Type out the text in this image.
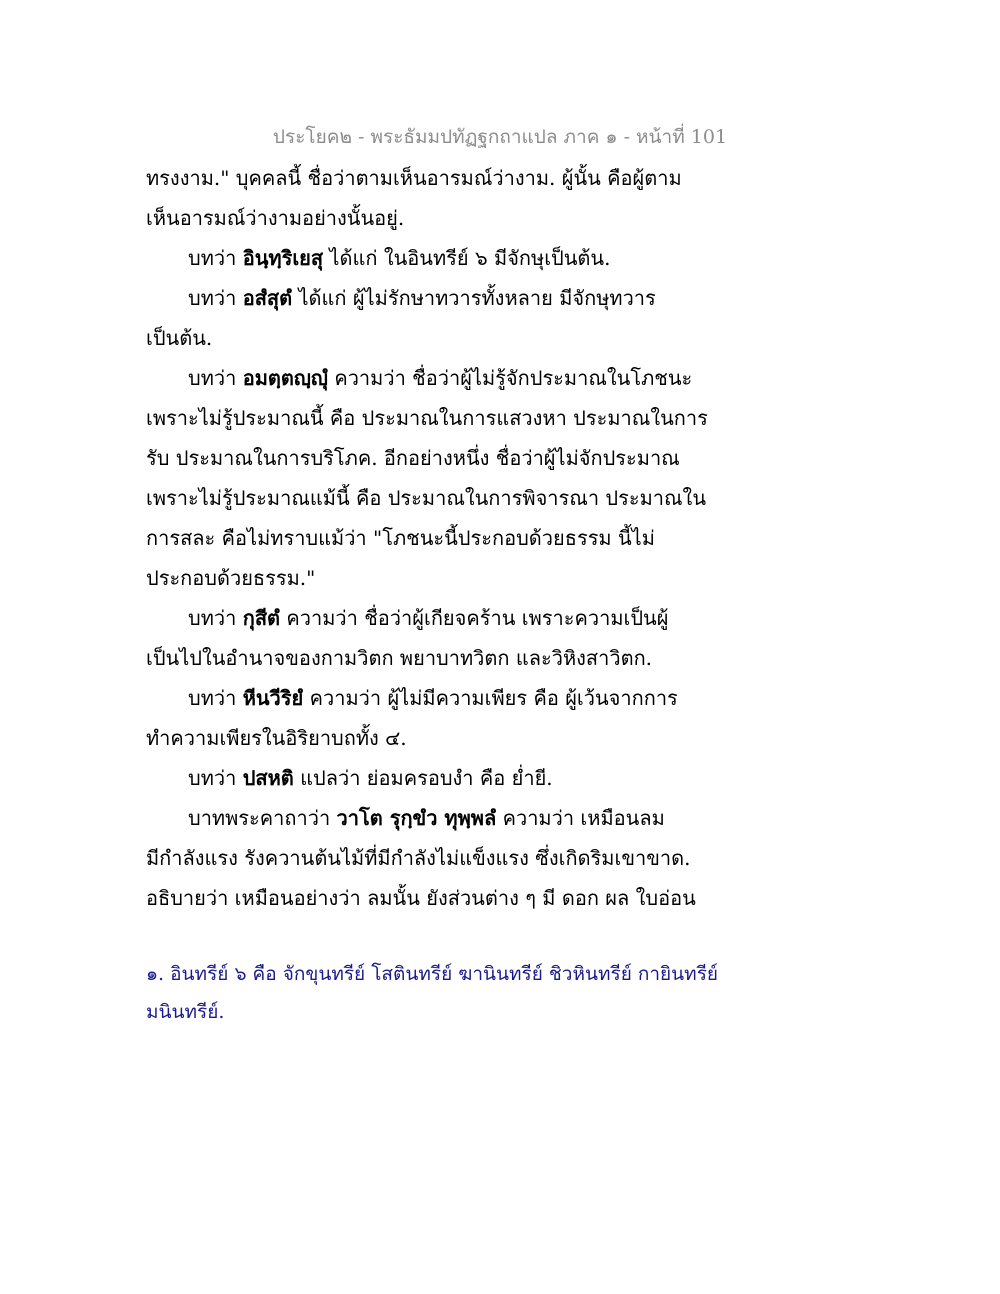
ประโยค๒ - พระธัมมปทัฏฐกถาแปล ภาค ๑ - หน้าที่ 101
ทรงงาม." บุคคลนี้ ชื่อว่าตามเห็นอารมณ์ว่างาม. ผู้นั้น คือผู้ตาม
เห็นอารมณ์ว่างามอย่างนั้นอยู่.
บทว่า อินฺทฺริเยสุ ได้แก่ ในอินทรีย์ ๖ มีจักษุเป็นต้น.
บทว่า อสํสุตํ ได้แก่ ผู้ไม่รักษาทวารทั้งหลาย มีจักษุทวาร
เป็นต้น.
บทว่า อมตฺตญฺญุํ ความว่า ชื่อว่าผู้ไม่รู้จักประมาณในโภชนะ
เพราะไม่รู้ประมาณนี้ คือ ประมาณในการแสวงหา ประมาณในการ
รับ ประมาณในการบริโภค. อีกอย่างหนึ่ง ชื่อว่าผู้ไม่จักประมาณ
เพราะไม่รู้ประมาณแม้นี้ คือ ประมาณในการพิจารณา ประมาณใน
การสละ คือไม่ทราบแม้ว่า "โภชนะนี้ประกอบด้วยธรรม นี้ไม่
ประกอบด้วยธรรม."
บทว่า กุสีตํ ความว่า ชื่อว่าผู้เกียจคร้าน เพราะความเป็นผู้
เป็นไปในอำนาจของกามวิตก พยาบาทวิตก และวิหิงสาวิตก.
บทว่า หีนวีริยํ ความว่า ผู้ไม่มีความเพียร คือ ผู้เว้นจากการ
ทำความเพียรในอิริยาบถทั้ง ๔.
บทว่า ปสหติ แปลว่า ย่อมครอบงำ คือ ย่ำยี.
บาทพระคาถาว่า วาโต รุกฺขํว ทุพฺพลํ ความว่า เหมือนลม
มีกำลังแรง รังควานต้นไม้ที่มีกำลังไม่แข็งแรง ซึ่งเกิดริมเขาขาด.
อธิบายว่า เหมือนอย่างว่า ลมนั้น ยังส่วนต่าง ๆ มี ดอก ผล ใบอ่อน
๑. อินทรีย์ ๖ คือ จักขุนทรีย์ โสตินทรีย์ ฆานินทรีย์ ชิวหินทรีย์ กายินทรีย์
มนินทรีย์.
